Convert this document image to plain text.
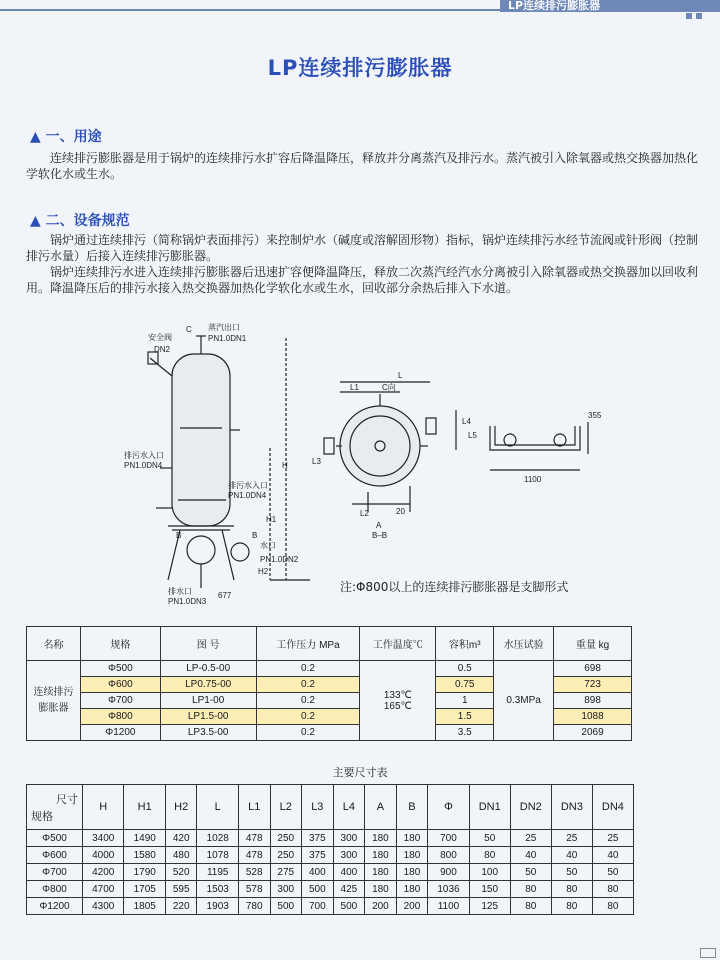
LP连续排污膨胀器
LP连续排污膨胀器
▲ 一、用途

连续排污膨胀器是用于锅炉的连续排污水扩容后降温降压，释放并分离蒸汽及排污水。蒸汽被引入除氧器或热交换器加热化学软化水或生水。

▲ 二、设备规范

锅炉通过连续排污（简称锅炉表面排污）来控制炉水（碱度或溶解固形物）指标，锅炉连续排污水经节流阀或针形阀（控制排污水量）后接入连续排污膨胀器。

锅炉连续排污水进入连续排污膨胀器后迅速扩容便降温降压，释放二次蒸汽经汽水分离被引入除氧器或热交换器加以回收利用。降温降压后的排污水接入热交换器加热化学软化水或生水，回收部分余热后排入下水道。

安全阀
DN2
C 蒸汽出口
PN1.0DN1
排污水入口
PN1.0DN4
排污水入口
PN1.0DN4
H
H1
H2
B	B
水口
PN1.0DN2
排水口
PN1.0DN3
677
L
L1	C向
L4
L5
L3
L2	20
A
B–B
355
1100
注:Φ800以上的连续排污膨胀器是支脚形式
名称	规格	图 号	工作压力 MPa	工作温度℃	容积m³	水压试验	重量 kg
连续排污膨胀器	Φ500	LP-0.5-00	0.2	133℃ 165℃	0.5	0.3MPa	698
	Φ600	LP0.75-00	0.2		0.75		723
	Φ700	LP1-00	0.2		1		898
	Φ800	LP1.5-00	0.2		1.5		1088
	Φ1200	LP3.5-00	0.2		3.5		2069
主要尺寸表
尺寸
规格	H	H1	H2	L	L1	L2	L3	L4	A	B	Φ	DN1	DN2	DN3	DN4
Φ500	3400	1490	420	1028	478	250	375	300	180	180	700	50	25	25	25
Φ600	4000	1580	480	1078	478	250	375	300	180	180	800	80	40	40	40
Φ700	4200	1790	520	1195	528	275	400	400	180	180	900	100	50	50	50
Φ800	4700	1705	595	1503	578	300	500	425	180	180	1036	150	80	80	80
Φ1200	4300	1805	220	1903	780	500	700	500	200	200	1100	125	80	80	80
